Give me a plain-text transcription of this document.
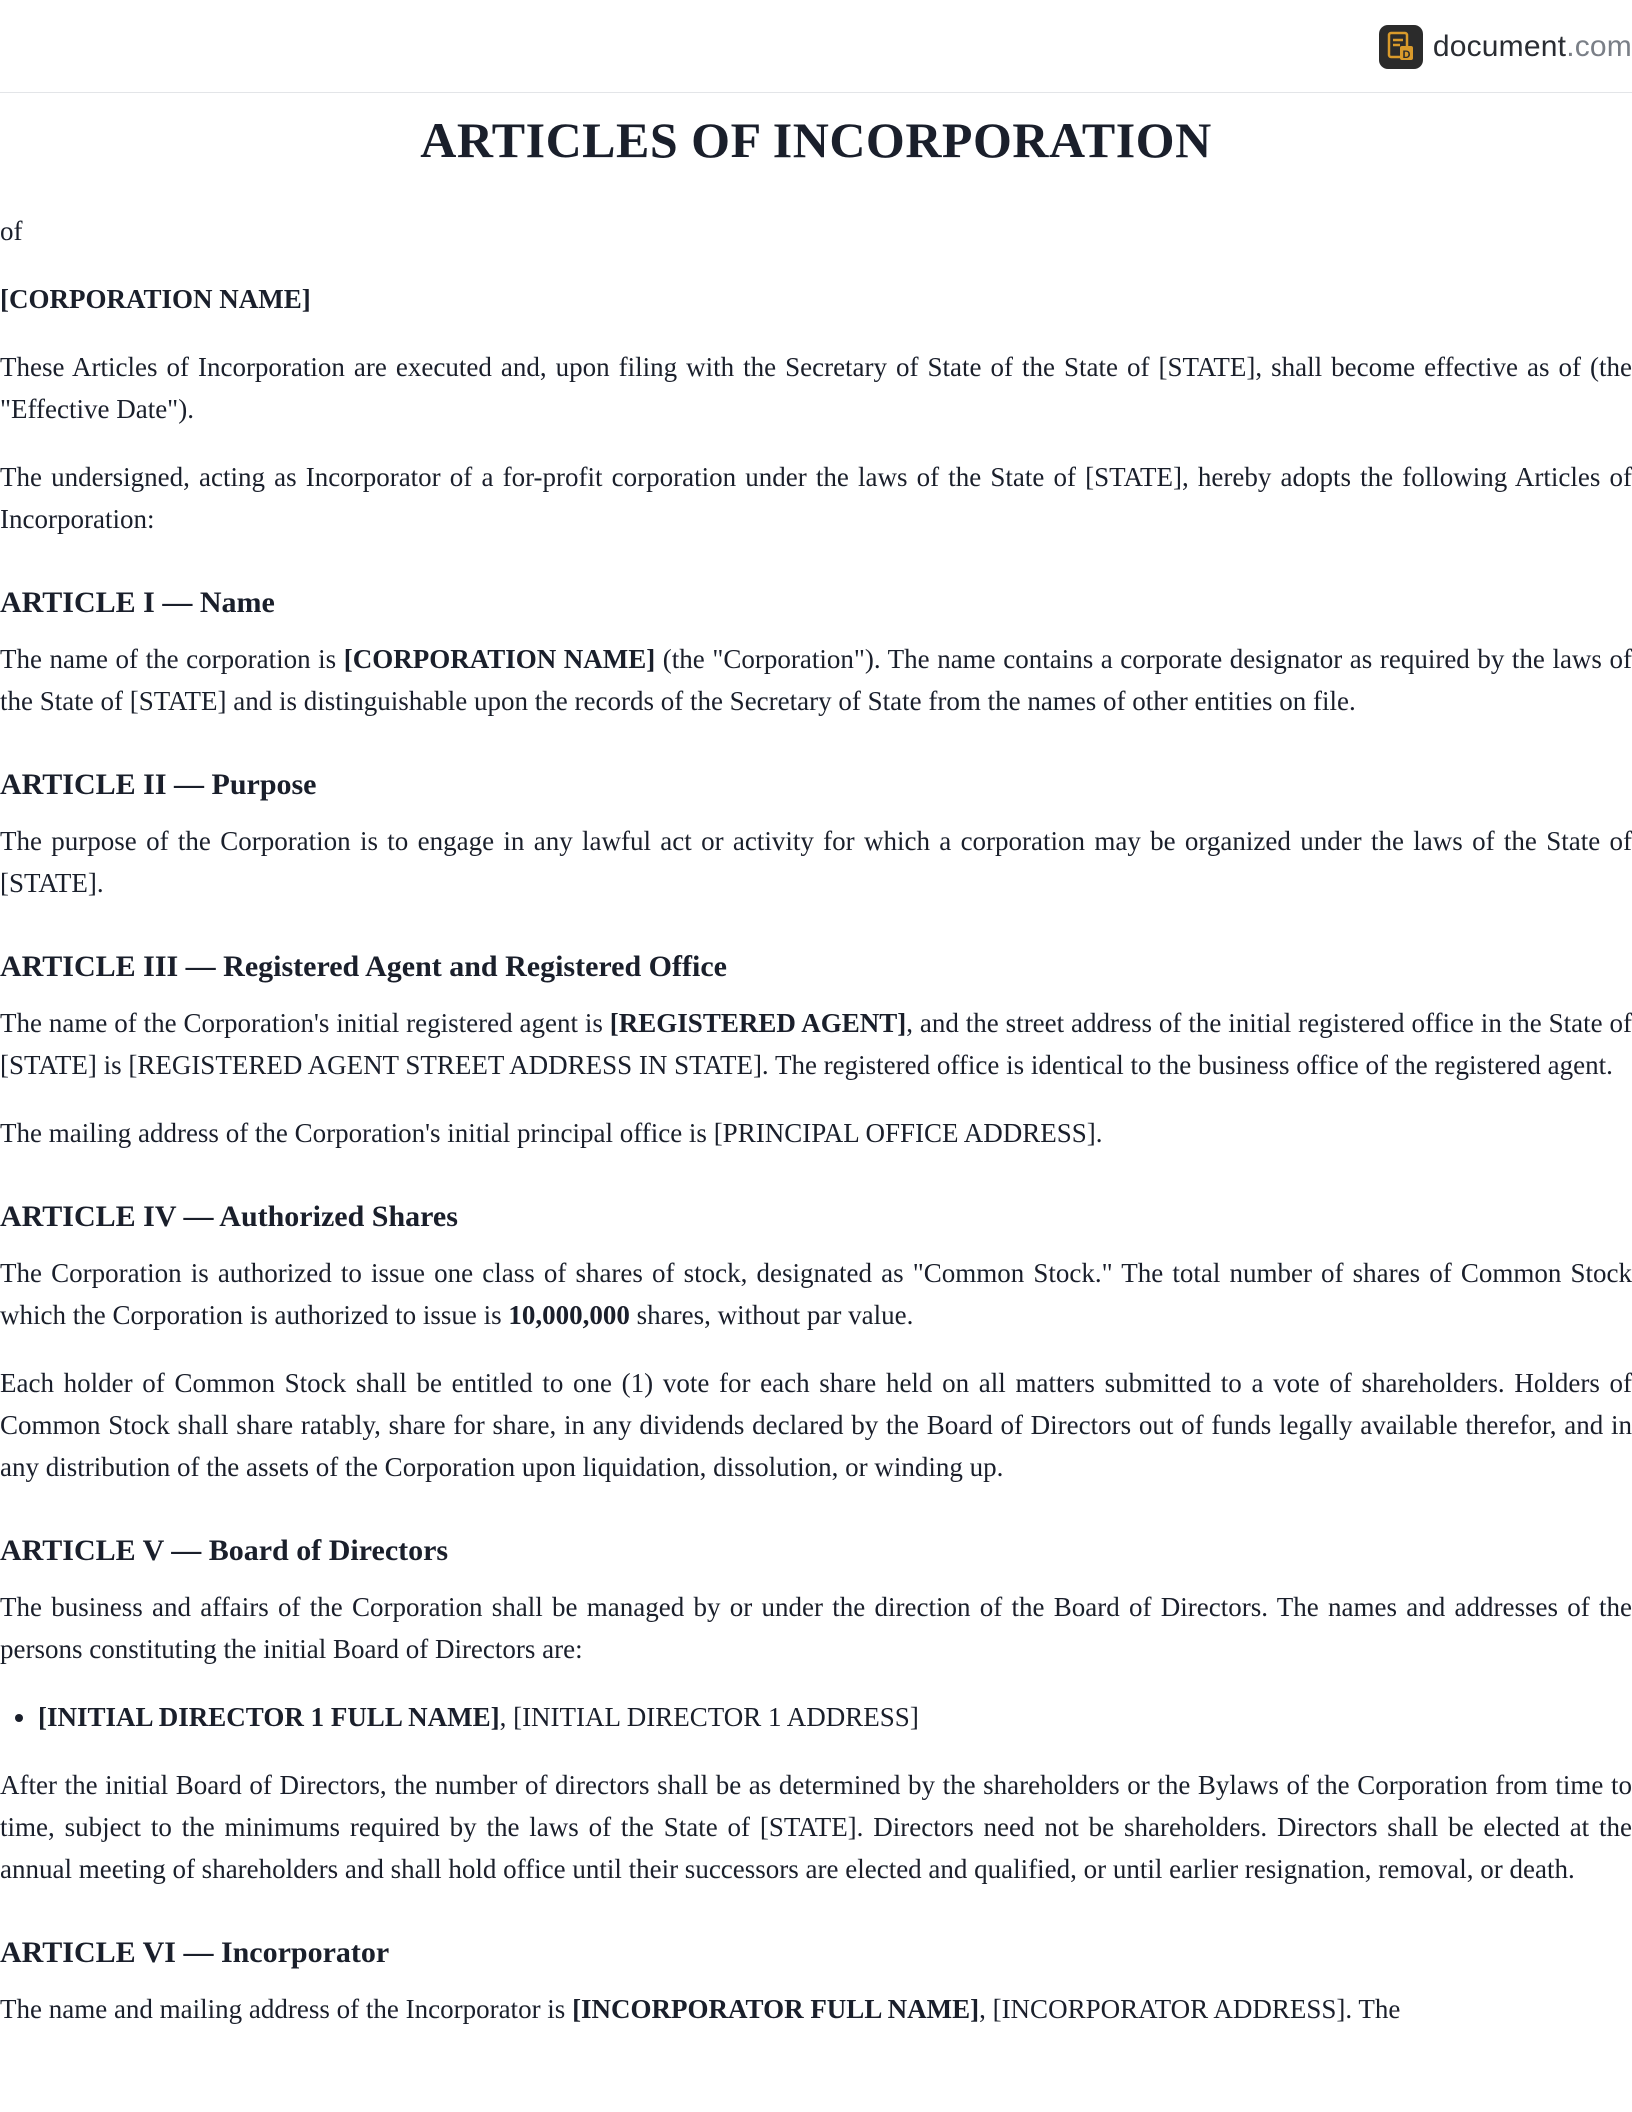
D document.com
ARTICLES OF INCORPORATION

of

[CORPORATION NAME]

These Articles of Incorporation are executed and, upon filing with the Secretary of State of the State of [STATE], shall become effective as of (the "Effective Date").

The undersigned, acting as Incorporator of a for-profit corporation under the laws of the State of [STATE], hereby adopts the following Articles of Incorporation:

ARTICLE I — Name

The name of the corporation is [CORPORATION NAME] (the "Corporation"). The name contains a corporate designator as required by the laws of the State of [STATE] and is distinguishable upon the records of the Secretary of State from the names of other entities on file.

ARTICLE II — Purpose

The purpose of the Corporation is to engage in any lawful act or activity for which a corporation may be organized under the laws of the State of [STATE].

ARTICLE III — Registered Agent and Registered Office

The name of the Corporation's initial registered agent is [REGISTERED AGENT], and the street address of the initial registered office in the State of [STATE] is [REGISTERED AGENT STREET ADDRESS IN STATE]. The registered office is identical to the business office of the registered agent.

The mailing address of the Corporation's initial principal office is [PRINCIPAL OFFICE ADDRESS].

ARTICLE IV — Authorized Shares

The Corporation is authorized to issue one class of shares of stock, designated as "Common Stock." The total number of shares of Common Stock which the Corporation is authorized to issue is 10,000,000 shares, without par value.

Each holder of Common Stock shall be entitled to one (1) vote for each share held on all matters submitted to a vote of shareholders. Holders of Common Stock shall share ratably, share for share, in any dividends declared by the Board of Directors out of funds legally available therefor, and in any distribution of the assets of the Corporation upon liquidation, dissolution, or winding up.

ARTICLE V — Board of Directors

The business and affairs of the Corporation shall be managed by or under the direction of the Board of Directors. The names and addresses of the persons constituting the initial Board of Directors are:

• [INITIAL DIRECTOR 1 FULL NAME], [INITIAL DIRECTOR 1 ADDRESS]

After the initial Board of Directors, the number of directors shall be as determined by the shareholders or the Bylaws of the Corporation from time to time, subject to the minimums required by the laws of the State of [STATE]. Directors need not be shareholders. Directors shall be elected at the annual meeting of shareholders and shall hold office until their successors are elected and qualified, or until earlier resignation, removal, or death.

ARTICLE VI — Incorporator

The name and mailing address of the Incorporator is [INCORPORATOR FULL NAME], [INCORPORATOR ADDRESS]. The
